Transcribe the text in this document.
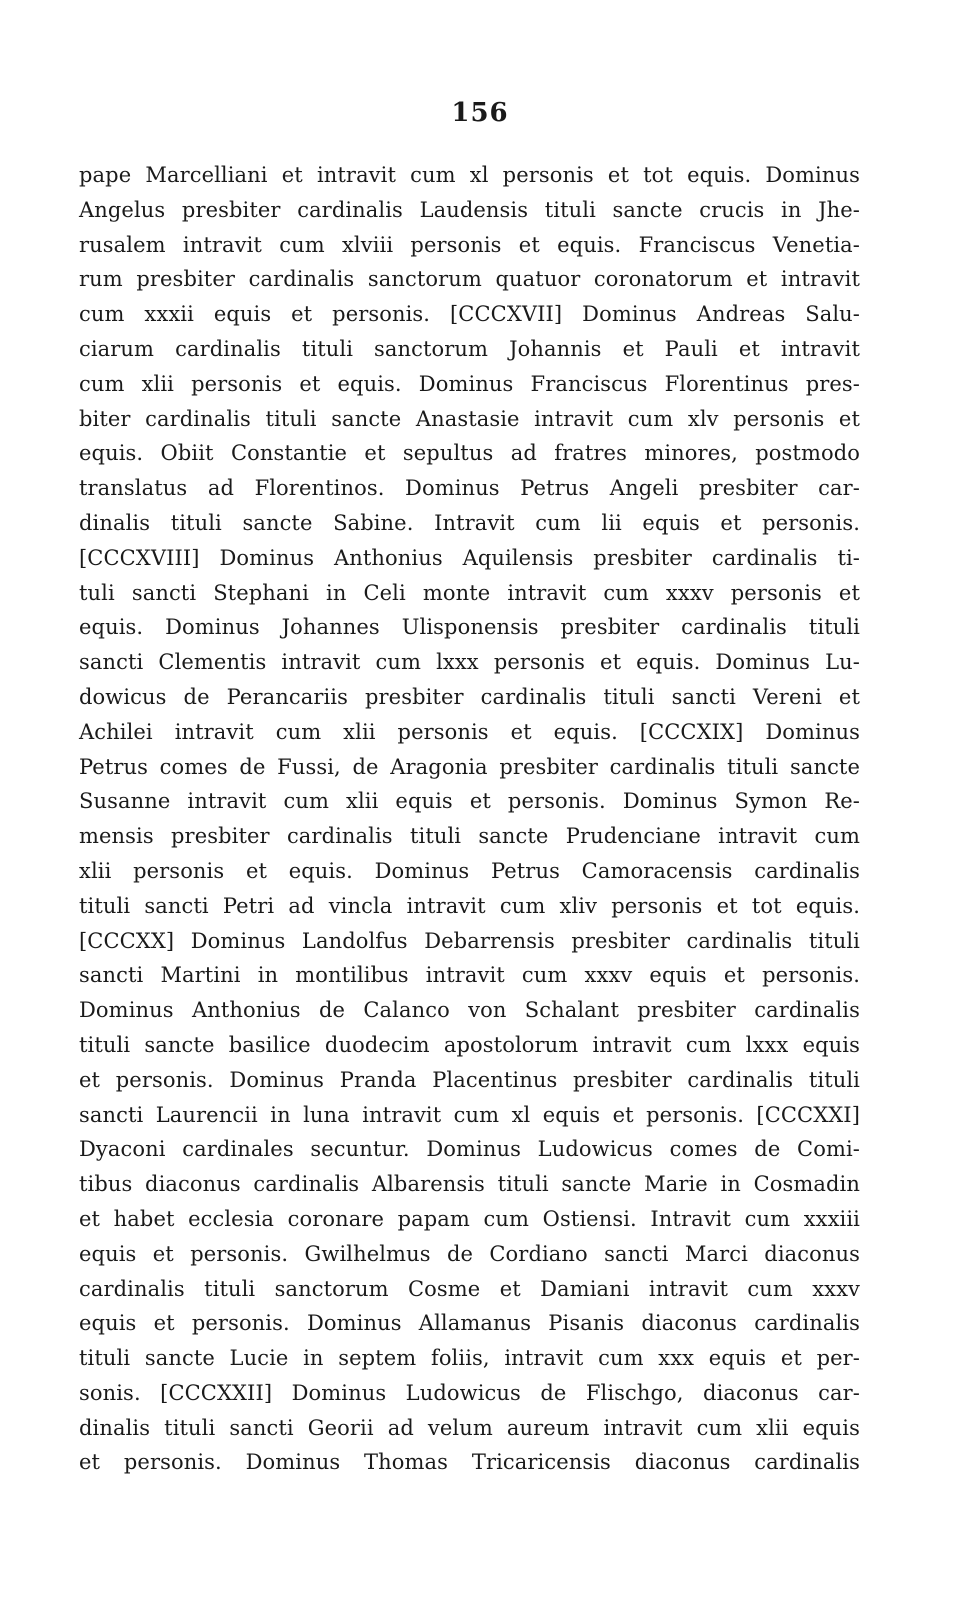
156
pape Marcelliani et intravit cum xl personis et tot equis. Dominus
Angelus presbiter cardinalis Laudensis tituli sancte crucis in Jhe-
rusalem intravit cum xlviii personis et equis. Franciscus Venetia-
rum presbiter cardinalis sanctorum quatuor coronatorum et intravit
cum xxxii equis et personis. [CCCXVII] Dominus Andreas Salu-
ciarum cardinalis tituli sanctorum Johannis et Pauli et intravit
cum xlii personis et equis. Dominus Franciscus Florentinus pres-
biter cardinalis tituli sancte Anastasie intravit cum xlv personis et
equis. Obiit Constantie et sepultus ad fratres minores, postmodo
translatus ad Florentinos. Dominus Petrus Angeli presbiter car-
dinalis tituli sancte Sabine. Intravit cum lii equis et personis.
[CCCXVIII] Dominus Anthonius Aquilensis presbiter cardinalis ti-
tuli sancti Stephani in Celi monte intravit cum xxxv personis et
equis. Dominus Johannes Ulisponensis presbiter cardinalis tituli
sancti Clementis intravit cum lxxx personis et equis. Dominus Lu-
dowicus de Perancariis presbiter cardinalis tituli sancti Vereni et
Achilei intravit cum xlii personis et equis. [CCCXIX] Dominus
Petrus comes de Fussi, de Aragonia presbiter cardinalis tituli sancte
Susanne intravit cum xlii equis et personis. Dominus Symon Re-
mensis presbiter cardinalis tituli sancte Prudenciane intravit cum
xlii personis et equis. Dominus Petrus Camoracensis cardinalis
tituli sancti Petri ad vincla intravit cum xliv personis et tot equis.
[CCCXX] Dominus Landolfus Debarrensis presbiter cardinalis tituli
sancti Martini in montilibus intravit cum xxxv equis et personis.
Dominus Anthonius de Calanco von Schalant presbiter cardinalis
tituli sancte basilice duodecim apostolorum intravit cum lxxx equis
et personis. Dominus Pranda Placentinus presbiter cardinalis tituli
sancti Laurencii in luna intravit cum xl equis et personis. [CCCXXI]
Dyaconi cardinales secuntur. Dominus Ludowicus comes de Comi-
tibus diaconus cardinalis Albarensis tituli sancte Marie in Cosmadin
et habet ecclesia coronare papam cum Ostiensi. Intravit cum xxxiii
equis et personis. Gwilhelmus de Cordiano sancti Marci diaconus
cardinalis tituli sanctorum Cosme et Damiani intravit cum xxxv
equis et personis. Dominus Allamanus Pisanis diaconus cardinalis
tituli sancte Lucie in septem foliis, intravit cum xxx equis et per-
sonis. [CCCXXII] Dominus Ludowicus de Flischgo, diaconus car-
dinalis tituli sancti Georii ad velum aureum intravit cum xlii equis
et personis. Dominus Thomas Tricaricensis diaconus cardinalis
